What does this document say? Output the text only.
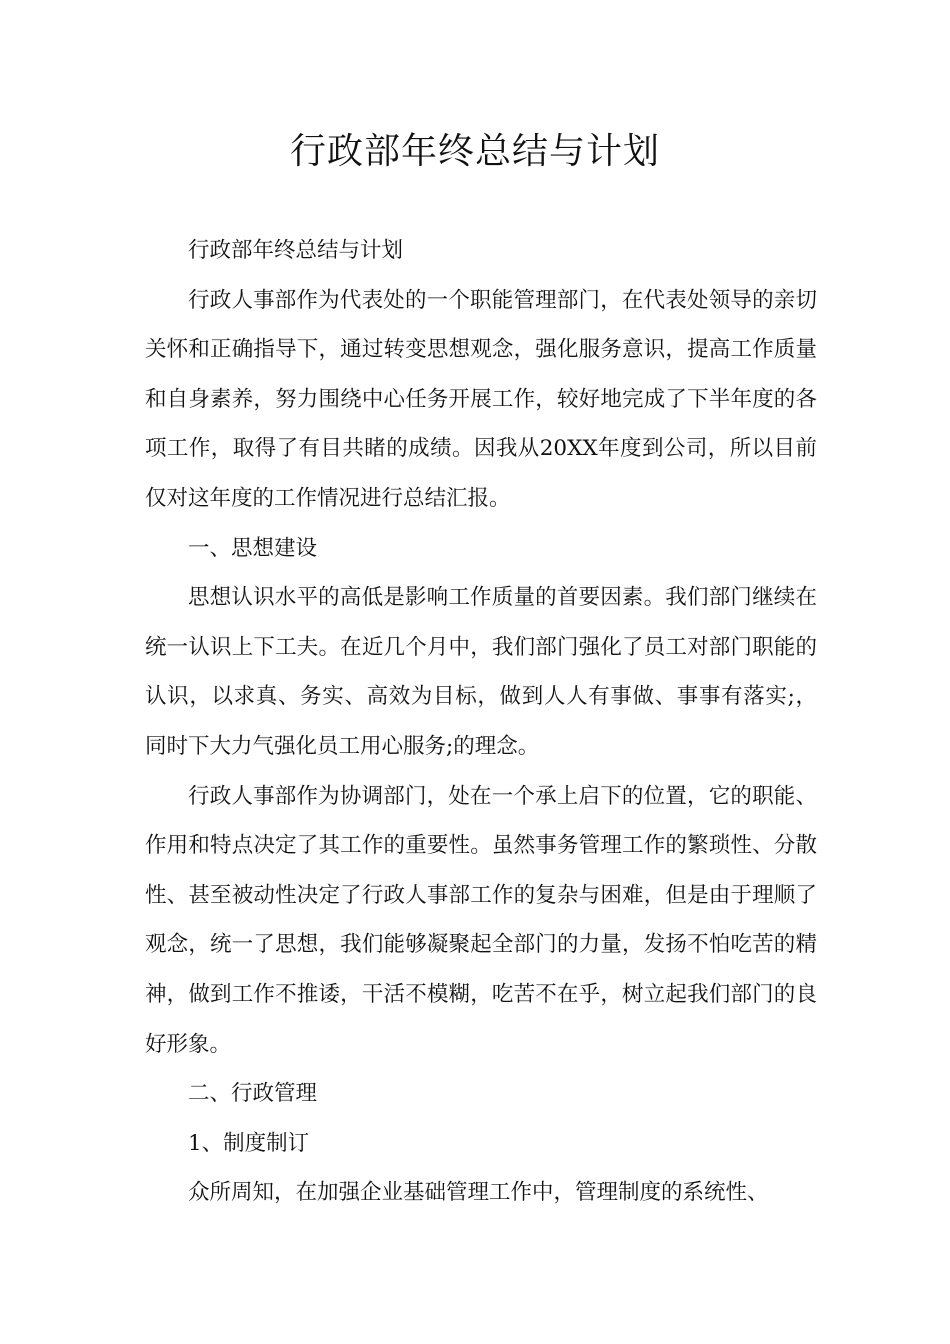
行政部年终总结与计划

行政部年终总结与计划

行政人事部作为代表处的一个职能管理部门，在代表处领导的亲切关怀和正确指导下，通过转变思想观念，强化服务意识，提高工作质量和自身素养，努力围绕中心任务开展工作，较好地完成了下半年度的各项工作，取得了有目共睹的成绩。因我从20XX年度到公司，所以目前仅对这年度的工作情况进行总结汇报。

一、思想建设

思想认识水平的高低是影响工作质量的首要因素。我们部门继续在统一认识上下工夫。在近几个月中，我们部门强化了员工对部门职能的认识，以求真、务实、高效为目标，做到人人有事做、事事有落实;，同时下大力气强化员工用心服务;的理念。

行政人事部作为协调部门，处在一个承上启下的位置，它的职能、作用和特点决定了其工作的重要性。虽然事务管理工作的繁琐性、分散性、甚至被动性决定了行政人事部工作的复杂与困难，但是由于理顺了观念，统一了思想，我们能够凝聚起全部门的力量，发扬不怕吃苦的精神，做到工作不推诿，干活不模糊，吃苦不在乎，树立起我们部门的良好形象。

二、行政管理

1、制度制订

众所周知，在加强企业基础管理工作中，管理制度的系统性、
